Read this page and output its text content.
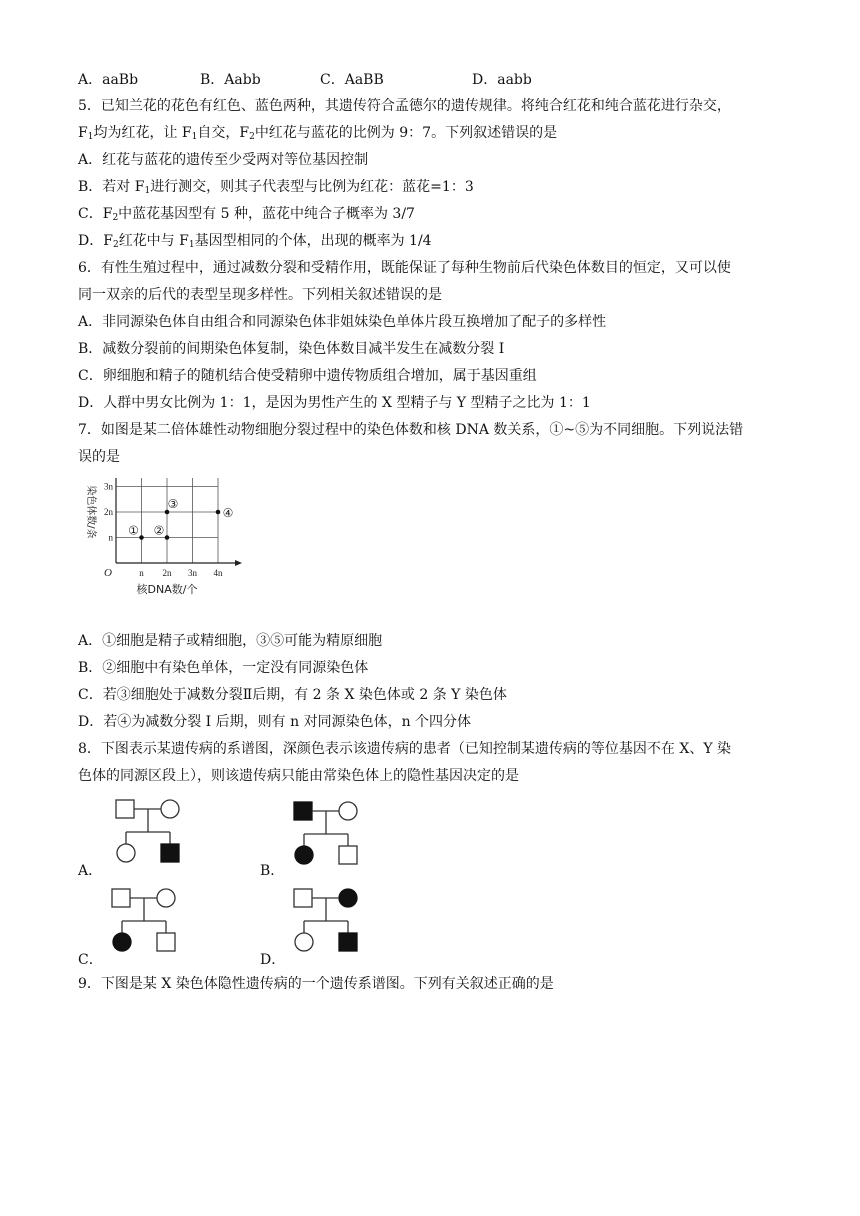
A．aaBb	B．Aabb	C．AaBB	D．aabb
5．已知兰花的花色有红色、蓝色两种，其遗传符合孟德尔的遗传规律。将纯合红花和纯合蓝花进行杂交，
$F_1$均为红花，让 $F_1$自交，$F_2$中红花与蓝花的比例为 9：7。下列叙述错误的是
A．红花与蓝花的遗传至少受两对等位基因控制
B．若对 $F_1$进行测交，则其子代表型与比例为红花：蓝花=1：3
C．$F_2$中蓝花基因型有 5 种，蓝花中纯合子概率为 3/7
D．$F_2$红花中与 $F_1$基因型相同的个体，出现的概率为 1/4
6．有性生殖过程中，通过减数分裂和受精作用，既能保证了每种生物前后代染色体数目的恒定，又可以使
同一双亲的后代的表型呈现多样性。下列相关叙述错误的是
A．非同源染色体自由组合和同源染色体非姐妹染色单体片段互换增加了配子的多样性
B．减数分裂前的间期染色体复制，染色体数目减半发生在减数分裂 I
C．卵细胞和精子的随机结合使受精卵中遗传物质组合增加，属于基因重组
D．人群中男女比例为 1：1，是因为男性产生的 X 型精子与 Y 型精子之比为 1：1
7．如图是某二倍体雄性动物细胞分裂过程中的染色体数和核 DNA 数关系，①~⑤为不同细胞。下列说法错
误的是
n 2n 3n 4n
n
2n
3n
① ②
③
④
O
核DNA数/个
染色体数/条
A．①细胞是精子或精细胞，③⑤可能为精原细胞
B．②细胞中有染色单体，一定没有同源染色体
C．若③细胞处于减数分裂Ⅱ后期，有 2 条 X 染色体或 2 条 Y 染色体
D．若④为减数分裂 I 后期，则有 n 对同源染色体，n 个四分体
8．下图表示某遗传病的系谱图，深颜色表示该遗传病的患者（已知控制某遗传病的等位基因不在 X、Y 染
色体的同源区段上），则该遗传病只能由常染色体上的隐性基因决定的是
A．	B．
C．	D．
9．下图是某 X 染色体隐性遗传病的一个遗传系谱图。下列有关叙述正确的是
